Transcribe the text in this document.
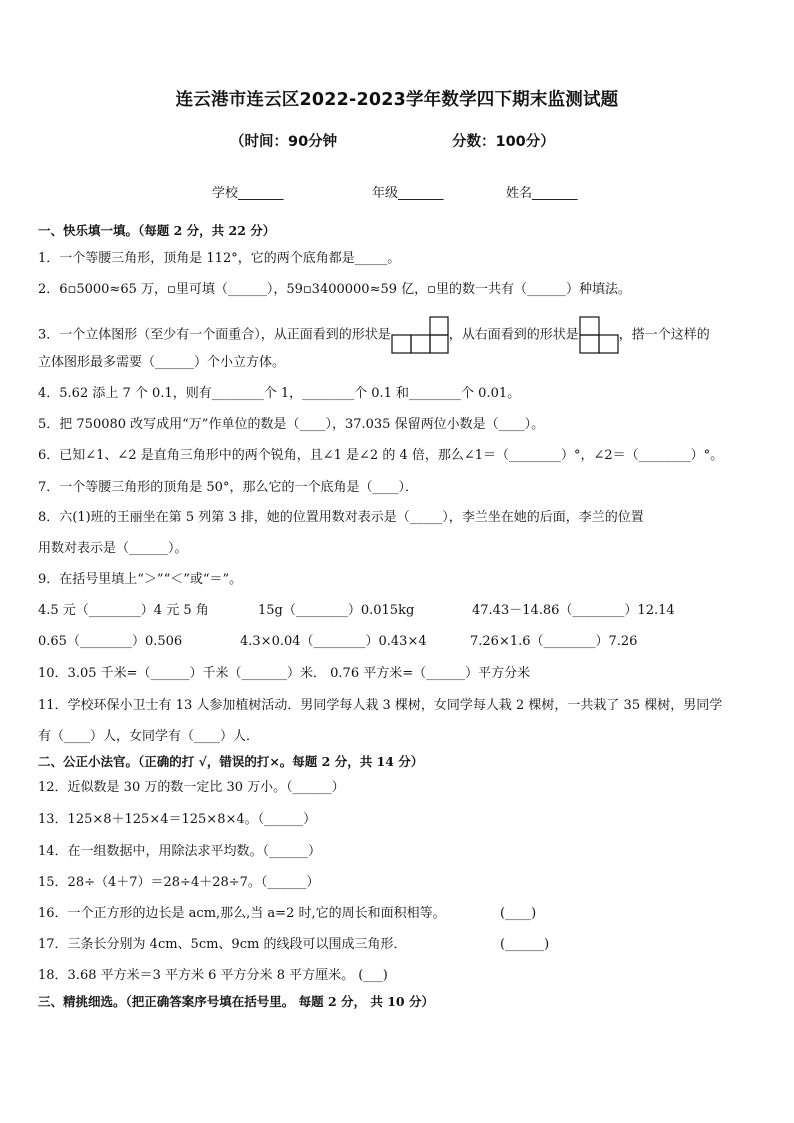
连云港市连云区2022-2023学年数学四下期末监测试题
（时间：90分钟	分数：100分）
学校_______	年级_______	姓名_______
一、快乐填一填。（每题 2 分，共 22 分）
1．一个等腰三角形，顶角是 112°，它的两个底角都是_____。
2．6▫5000≈65 万，▫里可填（______），59▫3400000≈59 亿，▫里的数一共有（______）种填法。
3．一个立体图形（至少有一个面重合），从正面看到的形状是	，从右面看到的形状是	，搭一个这样的
立体图形最多需要（______）个小立方体。
4．5.62 添上 7 个 0.1，则有________个 1，________个 0.1 和________个 0.01。
5．把 750080 改写成用“万”作单位的数是（____），37.035 保留两位小数是（____）。
6．已知∠1、∠2 是直角三角形中的两个锐角，且∠1 是∠2 的 4 倍，那么∠1＝（________）°，∠2＝（________）°。
7．一个等腰三角形的顶角是 50°，那么它的一个底角是（____）．
8．六(1)班的王丽坐在第 5 列第 3 排，她的位置用数对表示是（_____），李兰坐在她的后面，李兰的位置
用数对表示是（______）。
9．在括号里填上“＞”“＜”或“＝”。
4.5 元（________）4 元 5 角	15g（________）0.015kg	47.43－14.86（________）12.14
0.65（________）0.506	4.3×0.04（________）0.43×4	7.26×1.6（________）7.26
10．3.05 千米=（______）千米（_______）米． 0.76 平方米=（______）平方分米
11．学校环保小卫士有 13 人参加植树活动．男同学每人栽 3 棵树，女同学每人栽 2 棵树，一共栽了 35 棵树，男同学
有（____）人，女同学有（____）人．
二、公正小法官。（正确的打 √，错误的打×。每题 2 分，共 14 分）
12．近似数是 30 万的数一定比 30 万小。（______）
13．125×8＋125×4＝125×8×4。（______）
14．在一组数据中，用除法求平均数。（______）
15．28÷（4＋7）＝28÷4＋28÷7。（______）
16．一个正方形的边长是 acm,那么,当 a=2 时,它的周长和面积相等。	(____)
17．三条长分别为 4cm、5cm、9cm 的线段可以围成三角形．	(______)
18．3.68 平方米＝3 平方米 6 平方分米 8 平方厘米。 (___)
三、精挑细选。（把正确答案序号填在括号里。 每题 2 分， 共 10 分）
